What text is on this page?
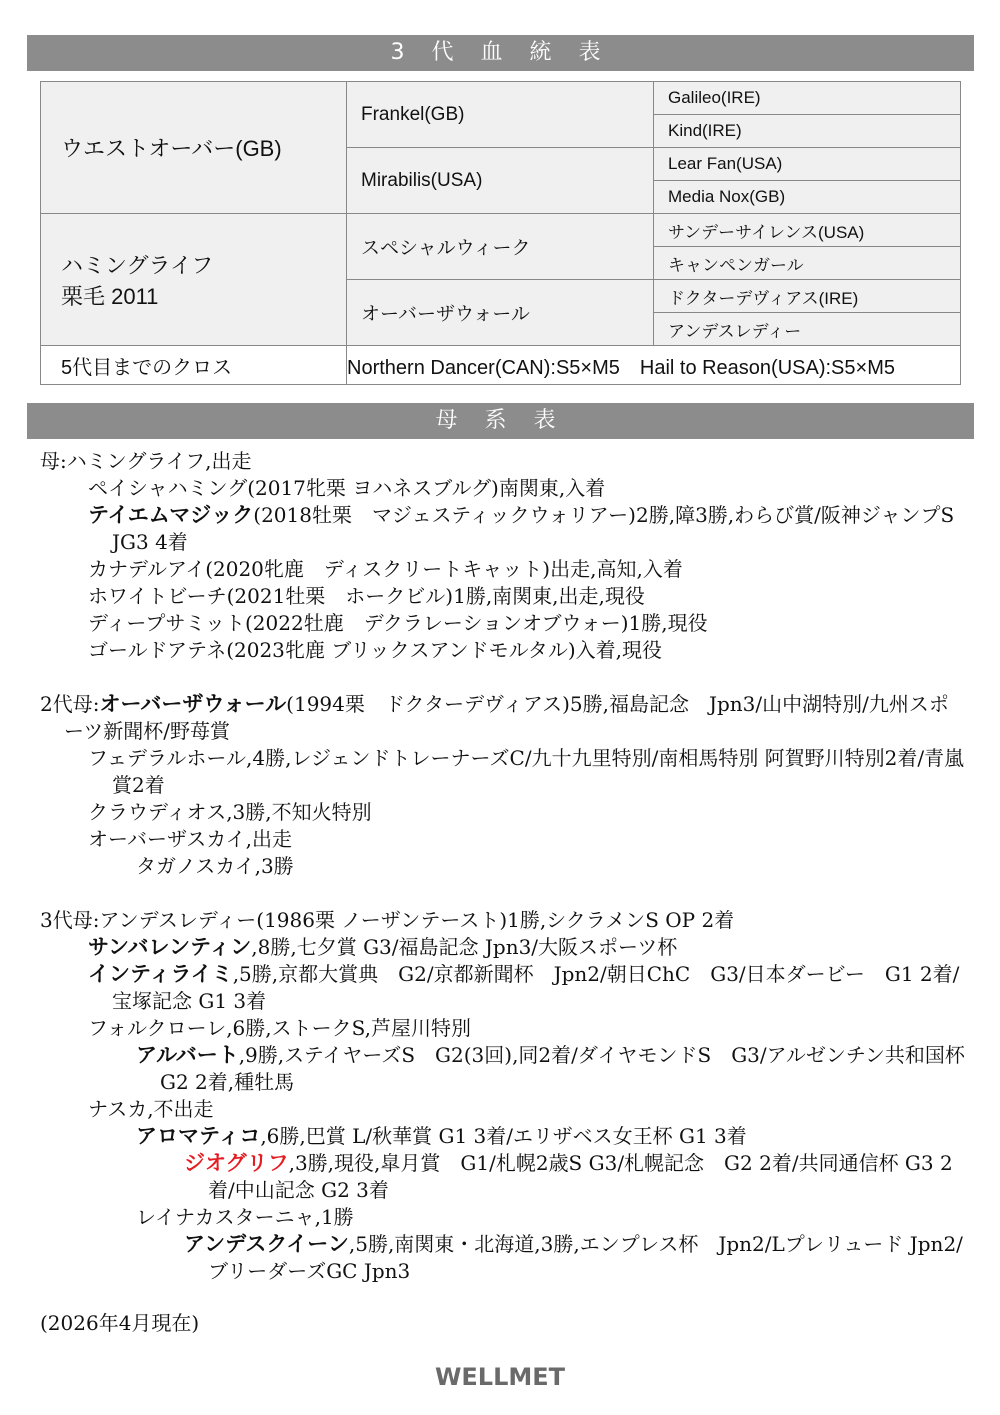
3 代 血 統 表
ウエストオーバー(GB)	Frankel(GB)	Galileo(IRE)
		Kind(IRE)
	Mirabilis(USA)	Lear Fan(USA)
		Media Nox(GB)

ハミングライフ
栗毛 2011	スペシャルウィーク	サンデーサイレンス(USA)
		キャンペンガール
	オーバーザウォール	ドクターデヴィアス(IRE)
		アンデスレディー
5代目までのクロス	Northern Dancer(CAN):S5×M5　Hail to Reason(USA):S5×M5	
母 系 表
母:ハミングライフ,出走
ペイシャハミング(2017牝栗 ヨハネスブルグ)南関東,入着
テイエムマジック(2018牡栗　マジェスティックウォリアー)2勝,障3勝,わらび賞/阪神ジャンプS JG3 4着
カナデルアイ(2020牝鹿　ディスクリートキャット)出走,高知,入着
ホワイトビーチ(2021牡栗　ホークビル)1勝,南関東,出走,現役
ディープサミット(2022牡鹿　デクラレーションオブウォー)1勝,現役
ゴールドアテネ(2023牝鹿 ブリックスアンドモルタル)入着,現役
2代母:オーバーザウォール(1994栗　ドクターデヴィアス)5勝,福島記念　Jpn3/山中湖特別/九州スポーツ新聞杯/野苺賞
フェデラルホール,4勝,レジェンドトレーナーズC/九十九里特別/南相馬特別 阿賀野川特別2着/青嵐賞2着
クラウディオス,3勝,不知火特別
オーバーザスカイ,出走
タガノスカイ,3勝
3代母:アンデスレディー(1986栗 ノーザンテースト)1勝,シクラメンS OP 2着
サンバレンティン,8勝,七夕賞 G3/福島記念 Jpn3/大阪スポーツ杯
インティライミ,5勝,京都大賞典　G2/京都新聞杯　Jpn2/朝日ChC　G3/日本ダービー　G1 2着/宝塚記念 G1 3着
フォルクローレ,6勝,ストークS,芦屋川特別
アルバート,9勝,ステイヤーズS　G2(3回),同2着/ダイヤモンドS　G3/アルゼンチン共和国杯 G2 2着,種牡馬
ナスカ,不出走
アロマティコ,6勝,巴賞 L/秋華賞 G1 3着/エリザベス女王杯 G1 3着
ジオグリフ,3勝,現役,皐月賞　G1/札幌2歳S G3/札幌記念　G2 2着/共同通信杯 G3 2着/中山記念 G2 3着
レイナカスターニャ,1勝
アンデスクイーン,5勝,南関東・北海道,3勝,エンプレス杯　Jpn2/Lプレリュード Jpn2/ブリーダーズGC Jpn3
(2026年4月現在)
WELLMET
